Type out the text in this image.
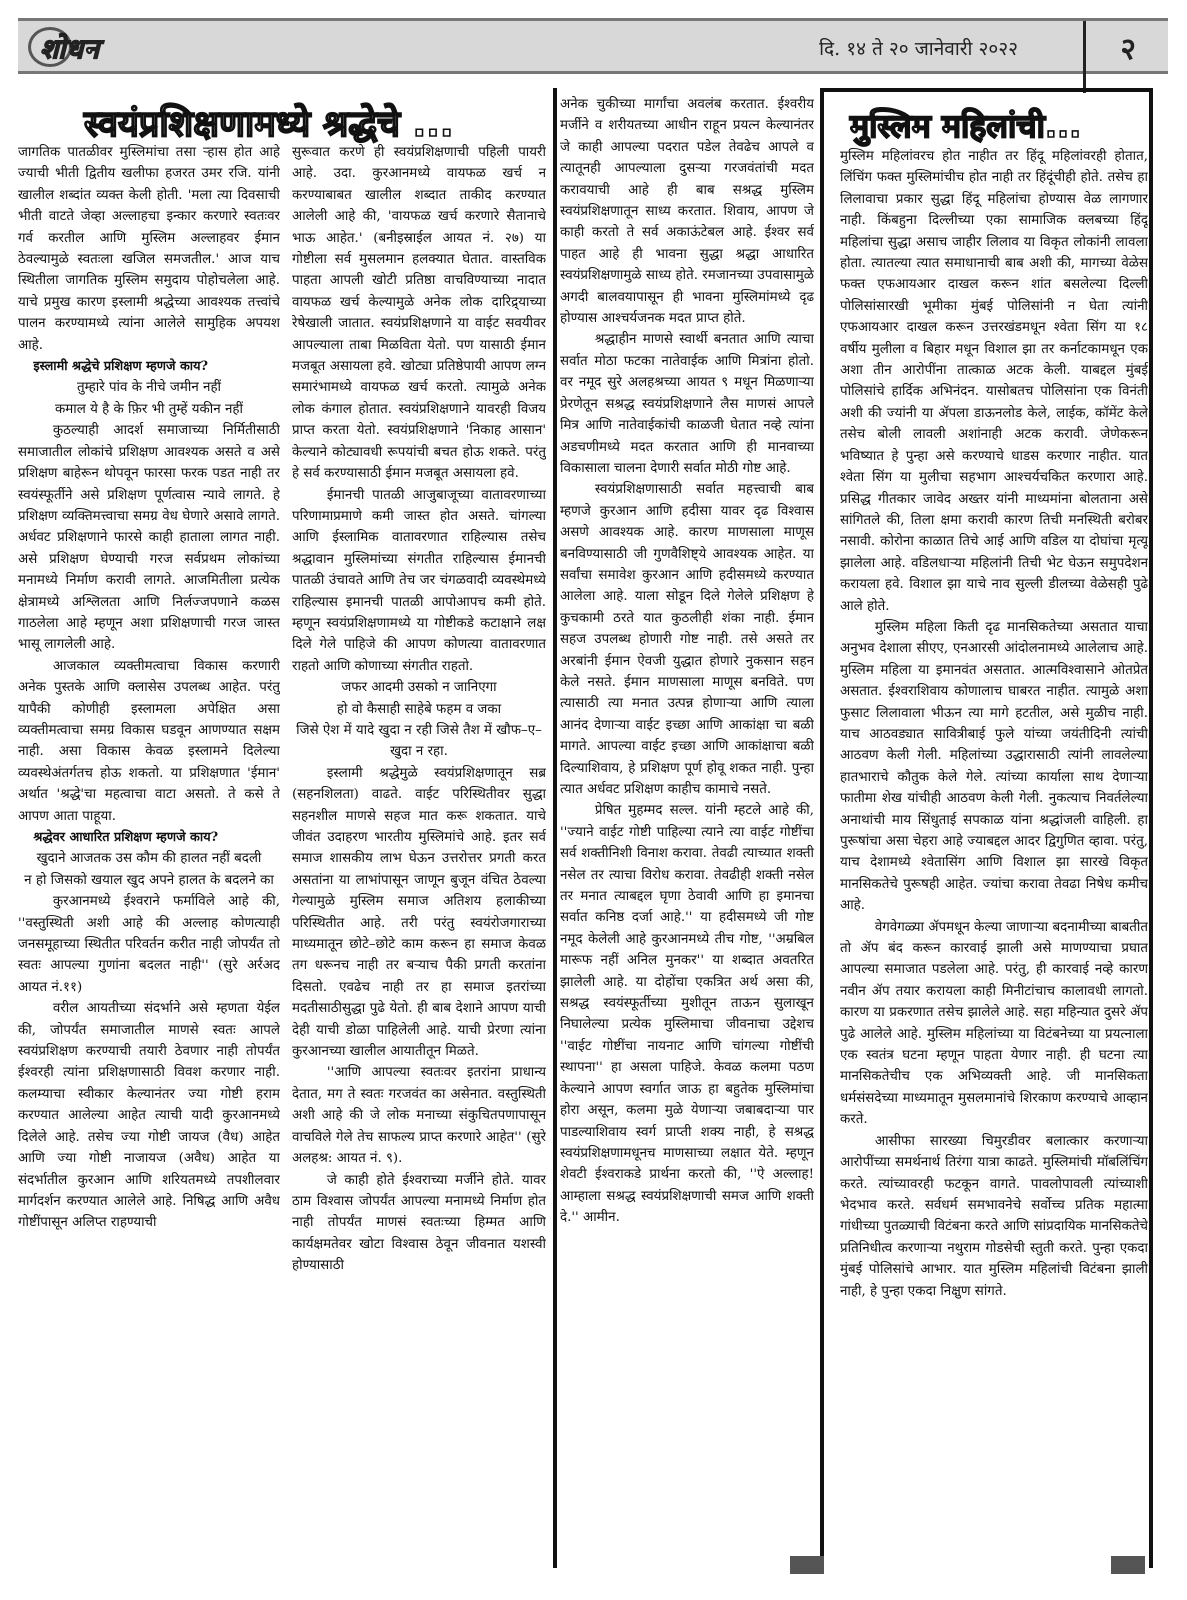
शोधन	दि. १४ ते २० जानेवारी २०२२	२
स्वयंप्रशिक्षणामध्ये श्रद्धेचे ...	मुस्लिम महिलांची...

जागतिक पातळीवर मुस्लिमांचा तसा ऱ्हास होत आहे ज्याची भीती द्वितीय खलीफा हजरत उमर रजि. यांनी खालील शब्दांत व्यक्त केली होती. 'मला त्या दिवसाची भीती वाटते जेव्हा अल्लाहचा इन्कार करणारे स्वतःवर गर्व करतील आणि मुस्लिम अल्लाहवर ईमान ठेवल्यामुळे स्वतःला खजिल समजतील.' आज याच स्थितीला जागतिक मुस्लिम समुदाय पोहोचलेला आहे. याचे प्रमुख कारण इस्लामी श्रद्धेच्या आवश्यक तत्त्वांचे पालन करण्यामध्ये त्यांना आलेले सामुहिक अपयश आहे.

इस्लामी श्रद्धेचे प्रशिक्षण म्हणजे काय?

तुम्हारे पांव के नीचे जमीन नहीं

कमाल ये है के फ़िर भी तुम्हें यकीन नहीं

कुठल्याही आदर्श समाजाच्या निर्मितीसाठी समाजातील लोकांचे प्रशिक्षण आवश्यक असते व असे प्रशिक्षण बाहेरून थोपवून फारसा फरक पडत नाही तर स्वयंस्फूर्तीने असे प्रशिक्षण पूर्णत्वास न्यावे लागते. हे प्रशिक्षण व्यक्तिमत्त्वाचा समग्र वेध घेणारे असावे लागते. अर्धवट प्रशिक्षणाने फारसे काही हाताला लागत नाही. असे प्रशिक्षण घेण्याची गरज सर्वप्रथम लोकांच्या मनामध्ये निर्माण करावी लागते. आजमितीला प्रत्येक क्षेत्रामध्ये अश्लिलता आणि निर्लज्जपणाने कळस गाठलेला आहे म्हणून अशा प्रशिक्षणाची गरज जास्त भासू लागलेली आहे.

आजकाल व्यक्तीमत्वाचा विकास करणारी अनेक पुस्तके आणि क्लासेस उपलब्ध आहेत. परंतु यापैकी कोणीही इस्लामला अपेक्षित असा व्यक्तीमत्वाचा समग्र विकास घडवून आणण्यात सक्षम नाही. असा विकास केवळ इस्लामने दिलेल्या व्यवस्थेअंतर्गतच होऊ शकतो. या प्रशिक्षणात 'ईमान' अर्थात 'श्रद्धे'चा महत्वाचा वाटा असतो. ते कसे ते आपण आता पाहूया.

श्रद्धेवर आधारित प्रशिक्षण म्हणजे काय?

खुदाने आजतक उस कौम की हालत नहीं बदली

न हो जिसको खयाल खुद अपने हालत के बदलने का

कुरआनमध्ये ईश्वराने फर्माविले आहे की, ''वस्तुस्थिती अशी आहे की अल्लाह कोणत्याही जनसमूहाच्या स्थितीत परिवर्तन करीत नाही जोपर्यंत तो स्वतः आपल्या गुणांना बदलत नाही'' (सुरे अर्रअद आयत नं.११)

वरील आयतीच्या संदर्भाने असे म्हणता येईल की, जोपर्यंत समाजातील माणसे स्वतः आपले स्वयंप्रशिक्षण करण्याची तयारी ठेवणार नाही तोपर्यंत ईश्वरही त्यांना प्रशिक्षणासाठी विवश करणार नाही. कलम्याचा स्वीकार केल्यानंतर ज्या गोष्टी हराम करण्यात आलेल्या आहेत त्याची यादी कुरआनमध्ये दिलेले आहे. तसेच ज्या गोष्टी जायज (वैध) आहेत आणि ज्या गोष्टी नाजायज (अवैध) आहेत या संदर्भातील कुरआन आणि शरियतमध्ये तपशीलवार मार्गदर्शन करण्यात आलेले आहे. निषिद्ध आणि अवैध गोष्टींपासून अलिप्त राहण्याची

सुरूवात करणे ही स्वयंप्रशिक्षणाची पहिली पायरी आहे. उदा. कुरआनमध्ये वायफळ खर्च न करण्याबाबत खालील शब्दात ताकीद करण्यात आलेली आहे की, 'वायफळ खर्च करणारे सैतानाचे भाऊ आहेत.' (बनीइस्राईल आयत नं. २७) या गोष्टीला सर्व मुसलमान हलक्यात घेतात. वास्तविक पाहता आपली खोटी प्रतिष्ठा वाचविण्याच्या नादात वायफळ खर्च केल्यामुळे अनेक लोक दारिद्र्याच्या रेषेखाली जातात. स्वयंप्रशिक्षणाने या वाईट सवयीवर आपल्याला ताबा मिळविता येतो. पण यासाठी ईमान मजबूत असायला हवे. खोट्या प्रतिष्ठेपायी आपण लग्न समारंभामध्ये वायफळ खर्च करतो. त्यामुळे अनेक लोक कंगाल होतात. स्वयंप्रशिक्षणाने यावरही विजय प्राप्त करता येतो. स्वयंप्रशिक्षणाने 'निकाह आसान' केल्याने कोट्यावधी रूपयांची बचत होऊ शकते. परंतु हे सर्व करण्यासाठी ईमान मजबूत असायला हवे.

ईमानची पातळी आजुबाजूच्या वातावरणाच्या परिणामाप्रमाणे कमी जास्त होत असते. चांगल्या आणि ईस्लामिक वातावरणात राहिल्यास तसेच श्रद्धावान मुस्लिमांच्या संगतीत राहिल्यास ईमानची पातळी उंचावते आणि तेच जर चंगळवादी व्यवस्थेमध्ये राहिल्यास इमानची पातळी आपोआपच कमी होते. म्हणून स्वयंप्रशिक्षणामध्ये या गोष्टीकडे कटाक्षाने लक्ष दिले गेले पाहिजे की आपण कोणत्या वातावरणात राहतो आणि कोणाच्या संगतीत राहतो.

जफर आदमी उसको न जानिएगा

हो वो कैसाही साहेबे फहम व जका

जिसे ऐश में यादे खुदा न रही जिसे तैश में खौफ–ए–खुदा न रहा.

इस्लामी श्रद्धेमुळे स्वयंप्रशिक्षणातून सब्र (सहनशिलता) वाढते. वाईट परिस्थितीवर सुद्धा सहनशील माणसे सहज मात करू शकतात. याचे जीवंत उदाहरण भारतीय मुस्लिमांचे आहे. इतर सर्व समाज शासकीय लाभ घेऊन उत्तरोत्तर प्रगती करत असतांना या लाभांपासून जाणून बुजून वंचित ठेवल्या गेल्यामुळे मुस्लिम समाज अतिशय हलाकीच्या परिस्थितीत आहे. तरी परंतु स्वयंरोजगाराच्या माध्यमातून छोटे–छोटे काम करून हा समाज केवळ तग धरूनच नाही तर बऱ्याच पैकी प्रगती करतांना दिसतो. एवढेच नाही तर हा समाज इतरांच्या मदतीसाठीसुद्धा पुढे येतो. ही बाब देशाने आपण याची देही याची डोळा पाहिलेली आहे. याची प्रेरणा त्यांना कुरआनच्या खालील आयातीतून मिळते.

''आणि आपल्या स्वतःवर इतरांना प्राधान्य देतात, मग ते स्वतः गरजवंत का असेनात. वस्तुस्थिती अशी आहे की जे लोक मनाच्या संकुचितपणापासून वाचविले गेले तेच साफल्य प्राप्त करणारे आहेत'' (सुरे अलहश्र: आयत नं. ९).

जे काही होते ईश्वराच्या मर्जीने होते. यावर ठाम विश्वास जोपर्यंत आपल्या मनामध्ये निर्माण होत नाही तोपर्यंत माणसं स्वतःच्या हिम्मत आणि कार्यक्षमतेवर खोटा विश्वास ठेवून जीवनात यशस्वी होण्यासाठी

अनेक चुकीच्या मार्गांचा अवलंब करतात. ईश्वरीय मर्जीने व शरीयतच्या आधीन राहून प्रयत्न केल्यानंतर जे काही आपल्या पदरात पडेल तेवढेच आपले व त्यातूनही आपल्याला दुसऱ्या गरजवंतांची मदत करावयाची आहे ही बाब सश्रद्ध मुस्लिम स्वयंप्रशिक्षणातून साध्य करतात. शिवाय, आपण जे काही करतो ते सर्व अकाऊंटेबल आहे. ईश्वर सर्व पाहत आहे ही भावना सुद्धा श्रद्धा आधारित स्वयंप्रशिक्षणामुळे साध्य होते. रमजानच्या उपवासामुळे अगदी बालवयापासून ही भावना मुस्लिमांमध्ये दृढ होण्यास आश्चर्यजनक मदत प्राप्त होते.

श्रद्धाहीन माणसे स्वार्थी बनतात आणि त्याचा सर्वात मोठा फटका नातेवाईक आणि मित्रांना होतो. वर नमूद सुरे अलहश्रच्या आयत ९ मधून मिळणाऱ्या प्रेरणेतून सश्रद्ध स्वयंप्रशिक्षणाने लैस माणसं आपले मित्र आणि नातेवाईकांची काळजी घेतात नव्हे त्यांना अडचणीमध्ये मदत करतात आणि ही मानवाच्या विकासाला चालना देणारी सर्वात मोठी गोष्ट आहे.

स्वयंप्रशिक्षणासाठी सर्वात महत्त्वाची बाब म्हणजे कुरआन आणि हदीसा यावर दृढ विश्वास असणे आवश्यक आहे. कारण माणसाला माणूस बनविण्यासाठी जी गुणवैशिष्ट्ये आवश्यक आहेत. या सर्वांचा समावेश कुरआन आणि हदीसमध्ये करण्यात आलेला आहे. याला सोडून दिले गेलेले प्रशिक्षण हे कुचकामी ठरते यात कुठलीही शंका नाही. ईमान सहज उपलब्ध होणारी गोष्ट नाही. तसे असते तर अरबांनी ईमान ऐवजी युद्धात होणारे नुकसान सहन केले नसते. ईमान माणसाला माणूस बनविते. पण त्यासाठी त्या मनात उत्पन्न होणाऱ्या आणि त्याला आनंद देणाऱ्या वाईट इच्छा आणि आकांक्षा चा बळी मागते. आपल्या वाईट इच्छा आणि आकांक्षाचा बळी दिल्याशिवाय, हे प्रशिक्षण पूर्ण होवू शकत नाही. पुन्हा त्यात अर्धवट प्रशिक्षण काहीच कामाचे नसते.

प्रेषित मुहम्मद सल्ल. यांनी म्हटले आहे की, ''ज्याने वाईट गोष्टी पाहिल्या त्याने त्या वाईट गोष्टींचा सर्व शक्तीनिशी विनाश करावा. तेवढी त्याच्यात शक्ती नसेल तर त्याचा विरोध करावा. तेवढीही शक्ती नसेल तर मनात त्याबद्दल घृणा ठेवावी आणि हा इमानचा सर्वात कनिष्ठ दर्जा आहे.'' या हदीसमध्ये जी गोष्ट नमूद केलेली आहे कुरआनमध्ये तीच गोष्ट, ''अम्रबिल मारूफ नहीं अनिल मुनकर'' या शब्दात अवतरित झालेली आहे. या दोहोंचा एकत्रित अर्थ असा की, सश्रद्ध स्वयंस्फूर्तीच्या मुशीतून ताऊन सुलाखून निघालेल्या प्रत्येक मुस्लिमाचा जीवनाचा उद्देशच ''वाईट गोष्टींचा नायनाट आणि चांगल्या गोष्टींची स्थापना'' हा असला पाहिजे. केवळ कलमा पठण केल्याने आपण स्वर्गात जाऊ हा बहुतेक मुस्लिमांचा होरा असून, कलमा मुळे येणाऱ्या जबाबदाऱ्या पार पाडल्याशिवाय स्वर्ग प्राप्ती शक्य नाही, हे सश्रद्ध स्वयंप्रशिक्षणामधूनच माणसाच्या लक्षात येते. म्हणून शेवटी ईश्वराकडे प्रार्थना करतो की, ''ऐ अल्लाह! आम्हाला सश्रद्ध स्वयंप्रशिक्षणाची समज आणि शक्ती दे.'' आमीन.

मुस्लिम महिलांवरच होत नाहीत तर हिंदू महिलांवरही होतात, लिंचिंग फक्त मुस्लिमांचीच होत नाही तर हिंदूंचीही होते. तसेच हा लिलावाचा प्रकार सुद्धा हिंदू महिलांचा होण्यास वेळ लागणार नाही. किंबहुना दिल्लीच्या एका सामाजिक क्लबच्या हिंदू महिलांचा सुद्धा असाच जाहीर लिलाव या विकृत लोकांनी लावला होता. त्यातल्या त्यात समाधानाची बाब अशी की, मागच्या वेळेस फक्त एफआयआर दाखल करून शांत बसलेल्या दिल्ली पोलिसांसारखी भूमीका मुंबई पोलिसांनी न घेता त्यांनी एफआयआर दाखल करून उत्तरखंडमधून श्वेता सिंग या १८ वर्षीय मुलीला व बिहार मधून विशाल झा तर कर्नाटकामधून एक अशा तीन आरोपींना तात्काळ अटक केली. याबद्दल मुंबई पोलिसांचे हार्दिक अभिनंदन. यासोबतच पोलिसांना एक विनंती अशी की ज्यांनी या ॲपला डाऊनलोड केले, लाईक, कॉमेंट केले तसेच बोली लावली अशांनाही अटक करावी. जेणेकरून भविष्यात हे पुन्हा असे करण्याचे धाडस करणार नाहीत. यात श्वेता सिंग या मुलीचा सहभाग आश्चर्यचकित करणारा आहे. प्रसिद्ध गीतकार जावेद अख्तर यांनी माध्यमांना बोलताना असे सांगितले की, तिला क्षमा करावी कारण तिची मनस्थिती बरोबर नसावी. कोरोना काळात तिचे आई आणि वडिल या दोघांचा मृत्यू झालेला आहे. वडिलधाऱ्या महिलांनी तिची भेट घेऊन समुपदेशन करायला हवे. विशाल झा याचे नाव सुल्ली डीलच्या वेळेसही पुढे आले होते.

मुस्लिम महिला किती दृढ मानसिकतेच्या असतात याचा अनुभव देशाला सीएए, एनआरसी आंदोलनामध्ये आलेलाच आहे. मुस्लिम महिला या इमानवंत असतात. आत्मविश्वासाने ओतप्रेत असतात. ईश्वराशिवाय कोणालाच घाबरत नाहीत. त्यामुळे अशा फुसाट लिलावाला भीऊन त्या मागे हटतील, असे मुळीच नाही. याच आठवड्यात सावित्रीबाई फुले यांच्या जयंतीदिनी त्यांची आठवण केली गेली. महिलांच्या उद्धारासाठी त्यांनी लावलेल्या हातभाराचे कौतुक केले गेले. त्यांच्या कार्याला साथ देणाऱ्या फातीमा शेख यांचीही आठवण केली गेली. नुकत्याच निवर्तलेल्या अनाथांची माय सिंधुताई सपकाळ यांना श्रद्धांजली वाहिली. हा पुरूषांचा असा चेहरा आहे ज्याबद्दल आदर द्विगुणित व्हावा. परंतु, याच देशामध्ये श्वेतासिंग आणि विशाल झा सारखे विकृत मानसिकतेचे पुरूषही आहेत. ज्यांचा करावा तेवढा निषेध कमीच आहे.

वेगवेगळ्या ॲपमधून केल्या जाणाऱ्या बदनामीच्या बाबतीत तो ॲप बंद करून कारवाई झाली असे माणण्याचा प्रघात आपल्या समाजात पडलेला आहे. परंतु, ही कारवाई नव्हे कारण नवीन ॲप तयार करायला काही मिनीटांचाच कालावधी लागतो. कारण या प्रकरणात तसेच झालेले आहे. सहा महिन्यात दुसरे ॲप पुढे आलेले आहे. मुस्लिम महिलांच्या या विटंबनेच्या या प्रयत्नाला एक स्वतंत्र घटना म्हणून पाहता येणार नाही. ही घटना त्या मानसिकतेचीच एक अभिव्यक्ती आहे. जी मानसिकता धर्मसंसदेच्या माध्यमातून मुसलमानांचे शिरकाण करण्याचे आव्हान करते.

आसीफा सारख्या चिमुरडीवर बलात्कार करणाऱ्या आरोपींच्या समर्थनार्थ तिरंगा यात्रा काढते. मुस्लिमांची मॉबलिंचिंग करते. त्यांच्यावरही फटकून वागते. पावलोपावली त्यांच्याशी भेदभाव करते. सर्वधर्म समभावनेचे सर्वोच्च प्रतिक महात्मा गांधीच्या पुतळ्याची विटंबना करते आणि सांप्रदायिक मानसिकतेचे प्रतिनिधीत्व करणाऱ्या नथुराम गोडसेची स्तुती करते. पुन्हा एकदा मुंबई पोलिसांचे आभार. यात मुस्लिम महिलांची विटंबना झाली नाही, हे पुन्हा एकदा निक्षुण सांगते.
